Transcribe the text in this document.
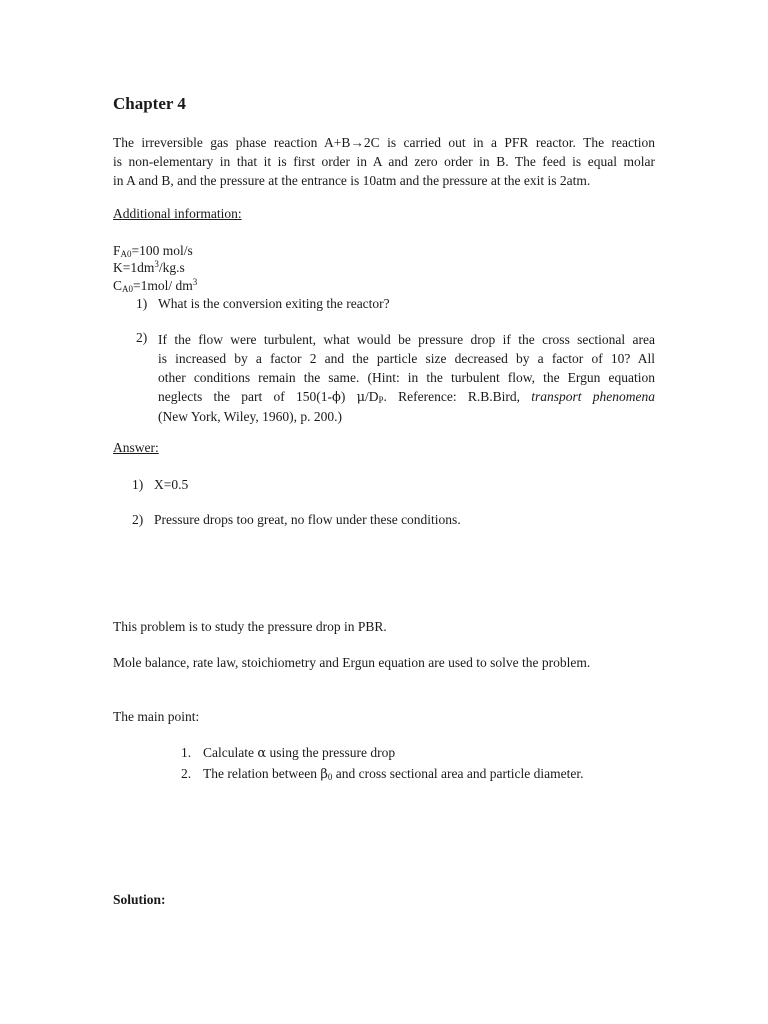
Chapter 4
The irreversible gas phase reaction A+B→2C is carried out in a PFR reactor. The reaction
is non-elementary in that it is first order in A and zero order in B. The feed is equal molar
in A and B, and the pressure at the entrance is 10atm and the pressure at the exit is 2atm.
Additional information:
$F_{A0}=100$ mol/s
$K=1dm^3/kg.s$
$C_{A0}=1mol/$ $dm^3$
1) What is the conversion exiting the reactor?
2) If the flow were turbulent, what would be pressure drop if the cross sectional area
is increased by a factor 2 and the particle size decreased by a factor of 10? All
other conditions remain the same. (Hint: in the turbulent flow, the Ergun equation
neglects the part of 150(1-ϕ) $\mu/D_P$. Reference: R.B.Bird, transport phenomena
(New York, Wiley, 1960), p. 200.)
Answer:
1) X=0.5
2) Pressure drops too great, no flow under these conditions.
This problem is to study the pressure drop in PBR.
Mole balance, rate law, stoichiometry and Ergun equation are used to solve the problem.
The main point:
1. Calculate α using the pressure drop
2. The relation between $\beta_0$ and cross sectional area and particle diameter.
Solution:
